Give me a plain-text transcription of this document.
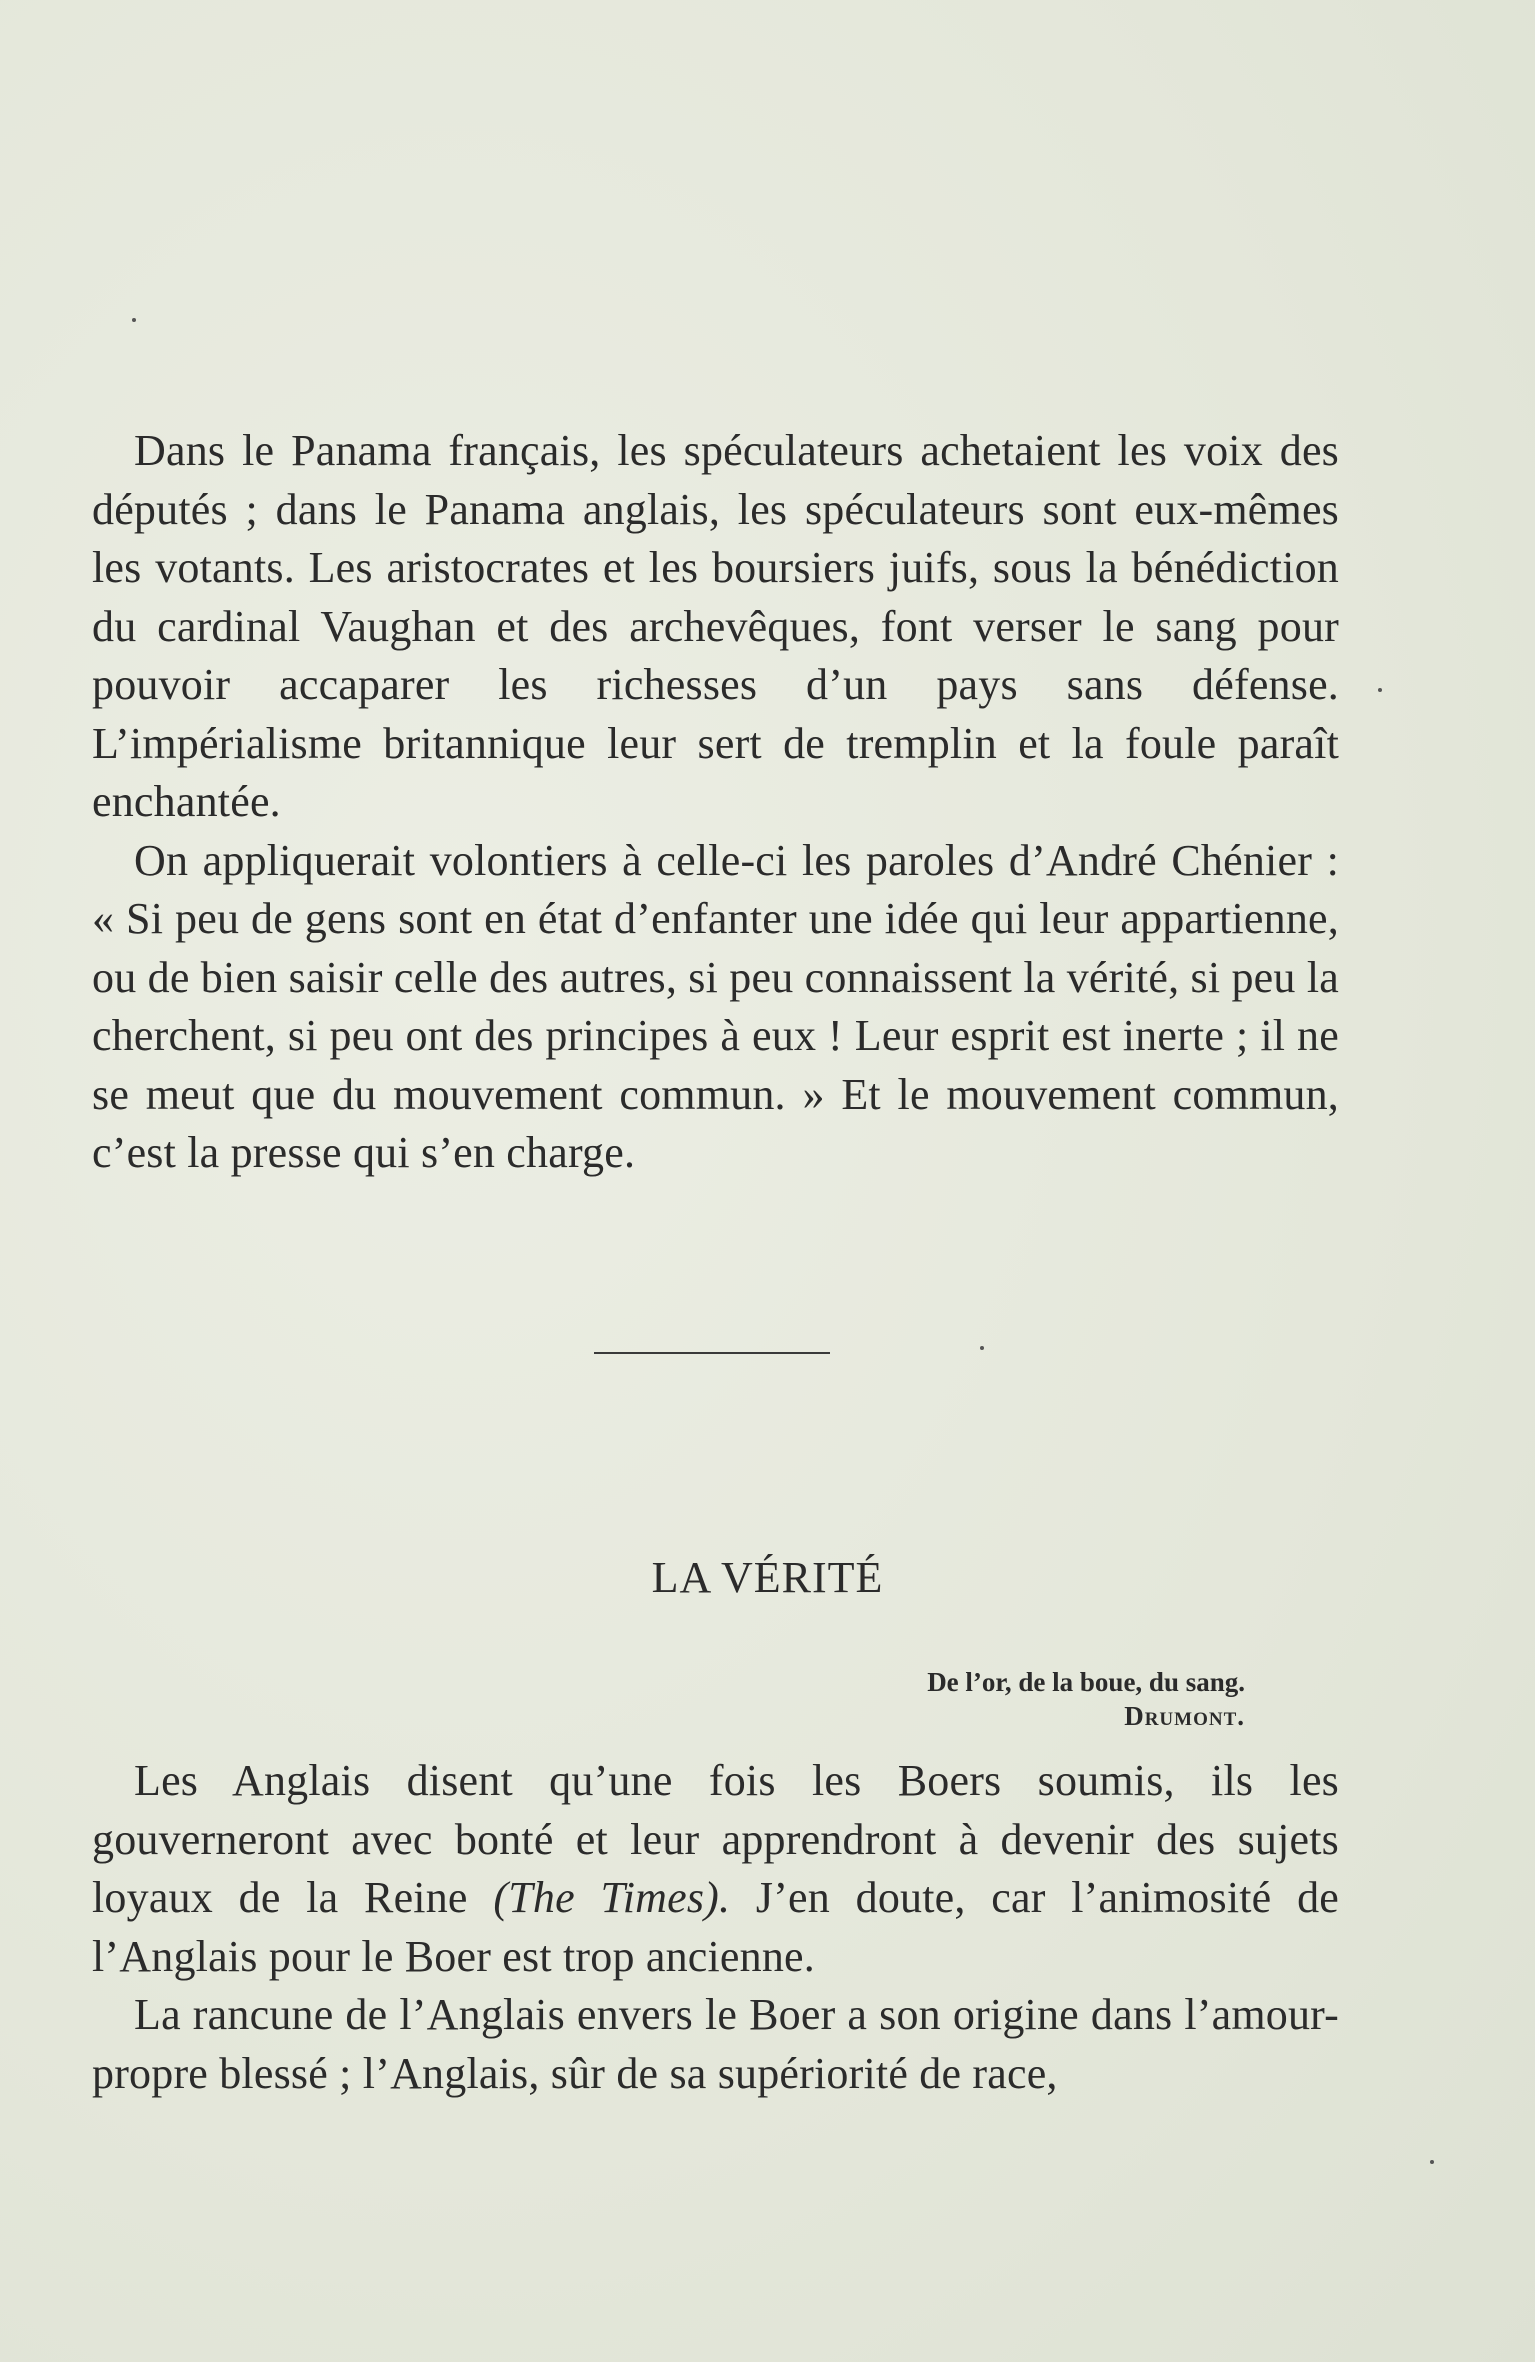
Dans le Panama français, les spéculateurs achetaient les voix des députés ; dans le Panama anglais, les spéculateurs sont eux-mêmes les votants. Les aristocrates et les boursiers juifs, sous la bénédiction du cardinal Vaughan et des archevêques, font verser le sang pour pouvoir accaparer les richesses d’un pays sans défense. L’impérialisme britannique leur sert de tremplin et la foule paraît enchantée.

On appliquerait volontiers à celle-ci les paroles d’André Chénier : « Si peu de gens sont en état d’enfanter une idée qui leur appartienne, ou de bien saisir celle des autres, si peu connaissent la vérité, si peu la cherchent, si peu ont des principes à eux ! Leur esprit est inerte ; il ne se meut que du mouvement commun. » Et le mouvement commun, c’est la presse qui s’en charge.

LA VÉRITÉ
De l’or, de la boue, du sang.
Drumont.

Les Anglais disent qu’une fois les Boers soumis, ils les gouverneront avec bonté et leur apprendront à devenir des sujets loyaux de la Reine (The Times). J’en doute, car l’animosité de l’Anglais pour le Boer est trop ancienne.

La rancune de l’Anglais envers le Boer a son origine dans l’amour-propre blessé ; l’Anglais, sûr de sa supériorité de race,
